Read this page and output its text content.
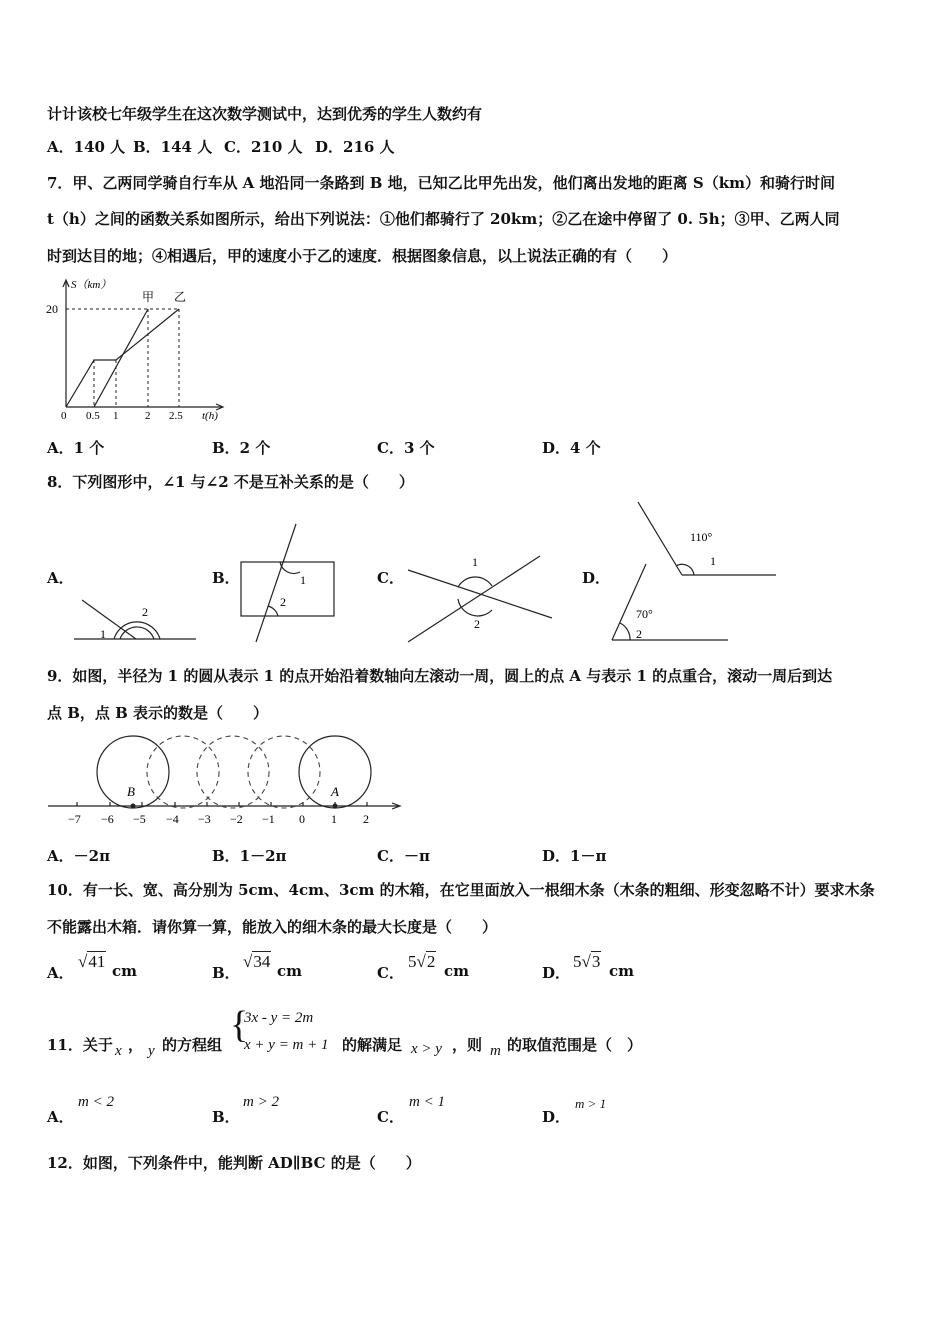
计计该校七年级学生在这次数学测试中，达到优秀的学生人数约有
A．140 人 B．144 人 C．210 人 D．216 人
7．甲、乙两同学骑自行车从 A 地沿同一条路到 B 地，已知乙比甲先出发，他们离出发地的距离 S（km）和骑行时间
t（h）之间的函数关系如图所示，给出下列说法：①他们都骑行了 20km；②乙在途中停留了 0. 5h；③甲、乙两人同
时到达目的地；④相遇后，甲的速度小于乙的速度．根据图象信息，以上说法正确的有（　　）
S（km）
20
0 0.5 1 2 2.5 t(h)
甲 乙
A．1 个	B．2 个	C．3 个	D．4 个
8．下列图形中，∠1 与∠2 不是互补关系的是（　　）
A．	B．	C．	D．
1
2
1
2
1
2
110°
1
70°
2
9．如图，半径为 1 的圆从表示 1 的点开始沿着数轴向左滚动一周，圆上的点 A 与表示 1 的点重合，滚动一周后到达
点 B，点 B 表示的数是（　　）
B	A
−7 −6 −5 −4 −3 −2 −1 0 1 2
A．－2π	B．1－2π	C．－π	D．1－π
10．有一长、宽、高分别为 5cm、4cm、3cm 的木箱，在它里面放入一根细木条（木条的粗细、形变忽略不计）要求木条
不能露出木箱．请你算一算，能放入的细木条的最大长度是（　　）
A．
√41 cm	B．
√34 cm	C．
5√2 cm	D．
5√3 cm
11．关于 x ， y 的方程组 {
3x - y = 2m
x + y = m + 1 的解满足 x > y ，则 m 的取值范围是（　）
A．
m < 2
B．
m > 2
C．
m < 1
D．
m > 1
12．如图，下列条件中，能判断 AD∥BC 的是（　　）
